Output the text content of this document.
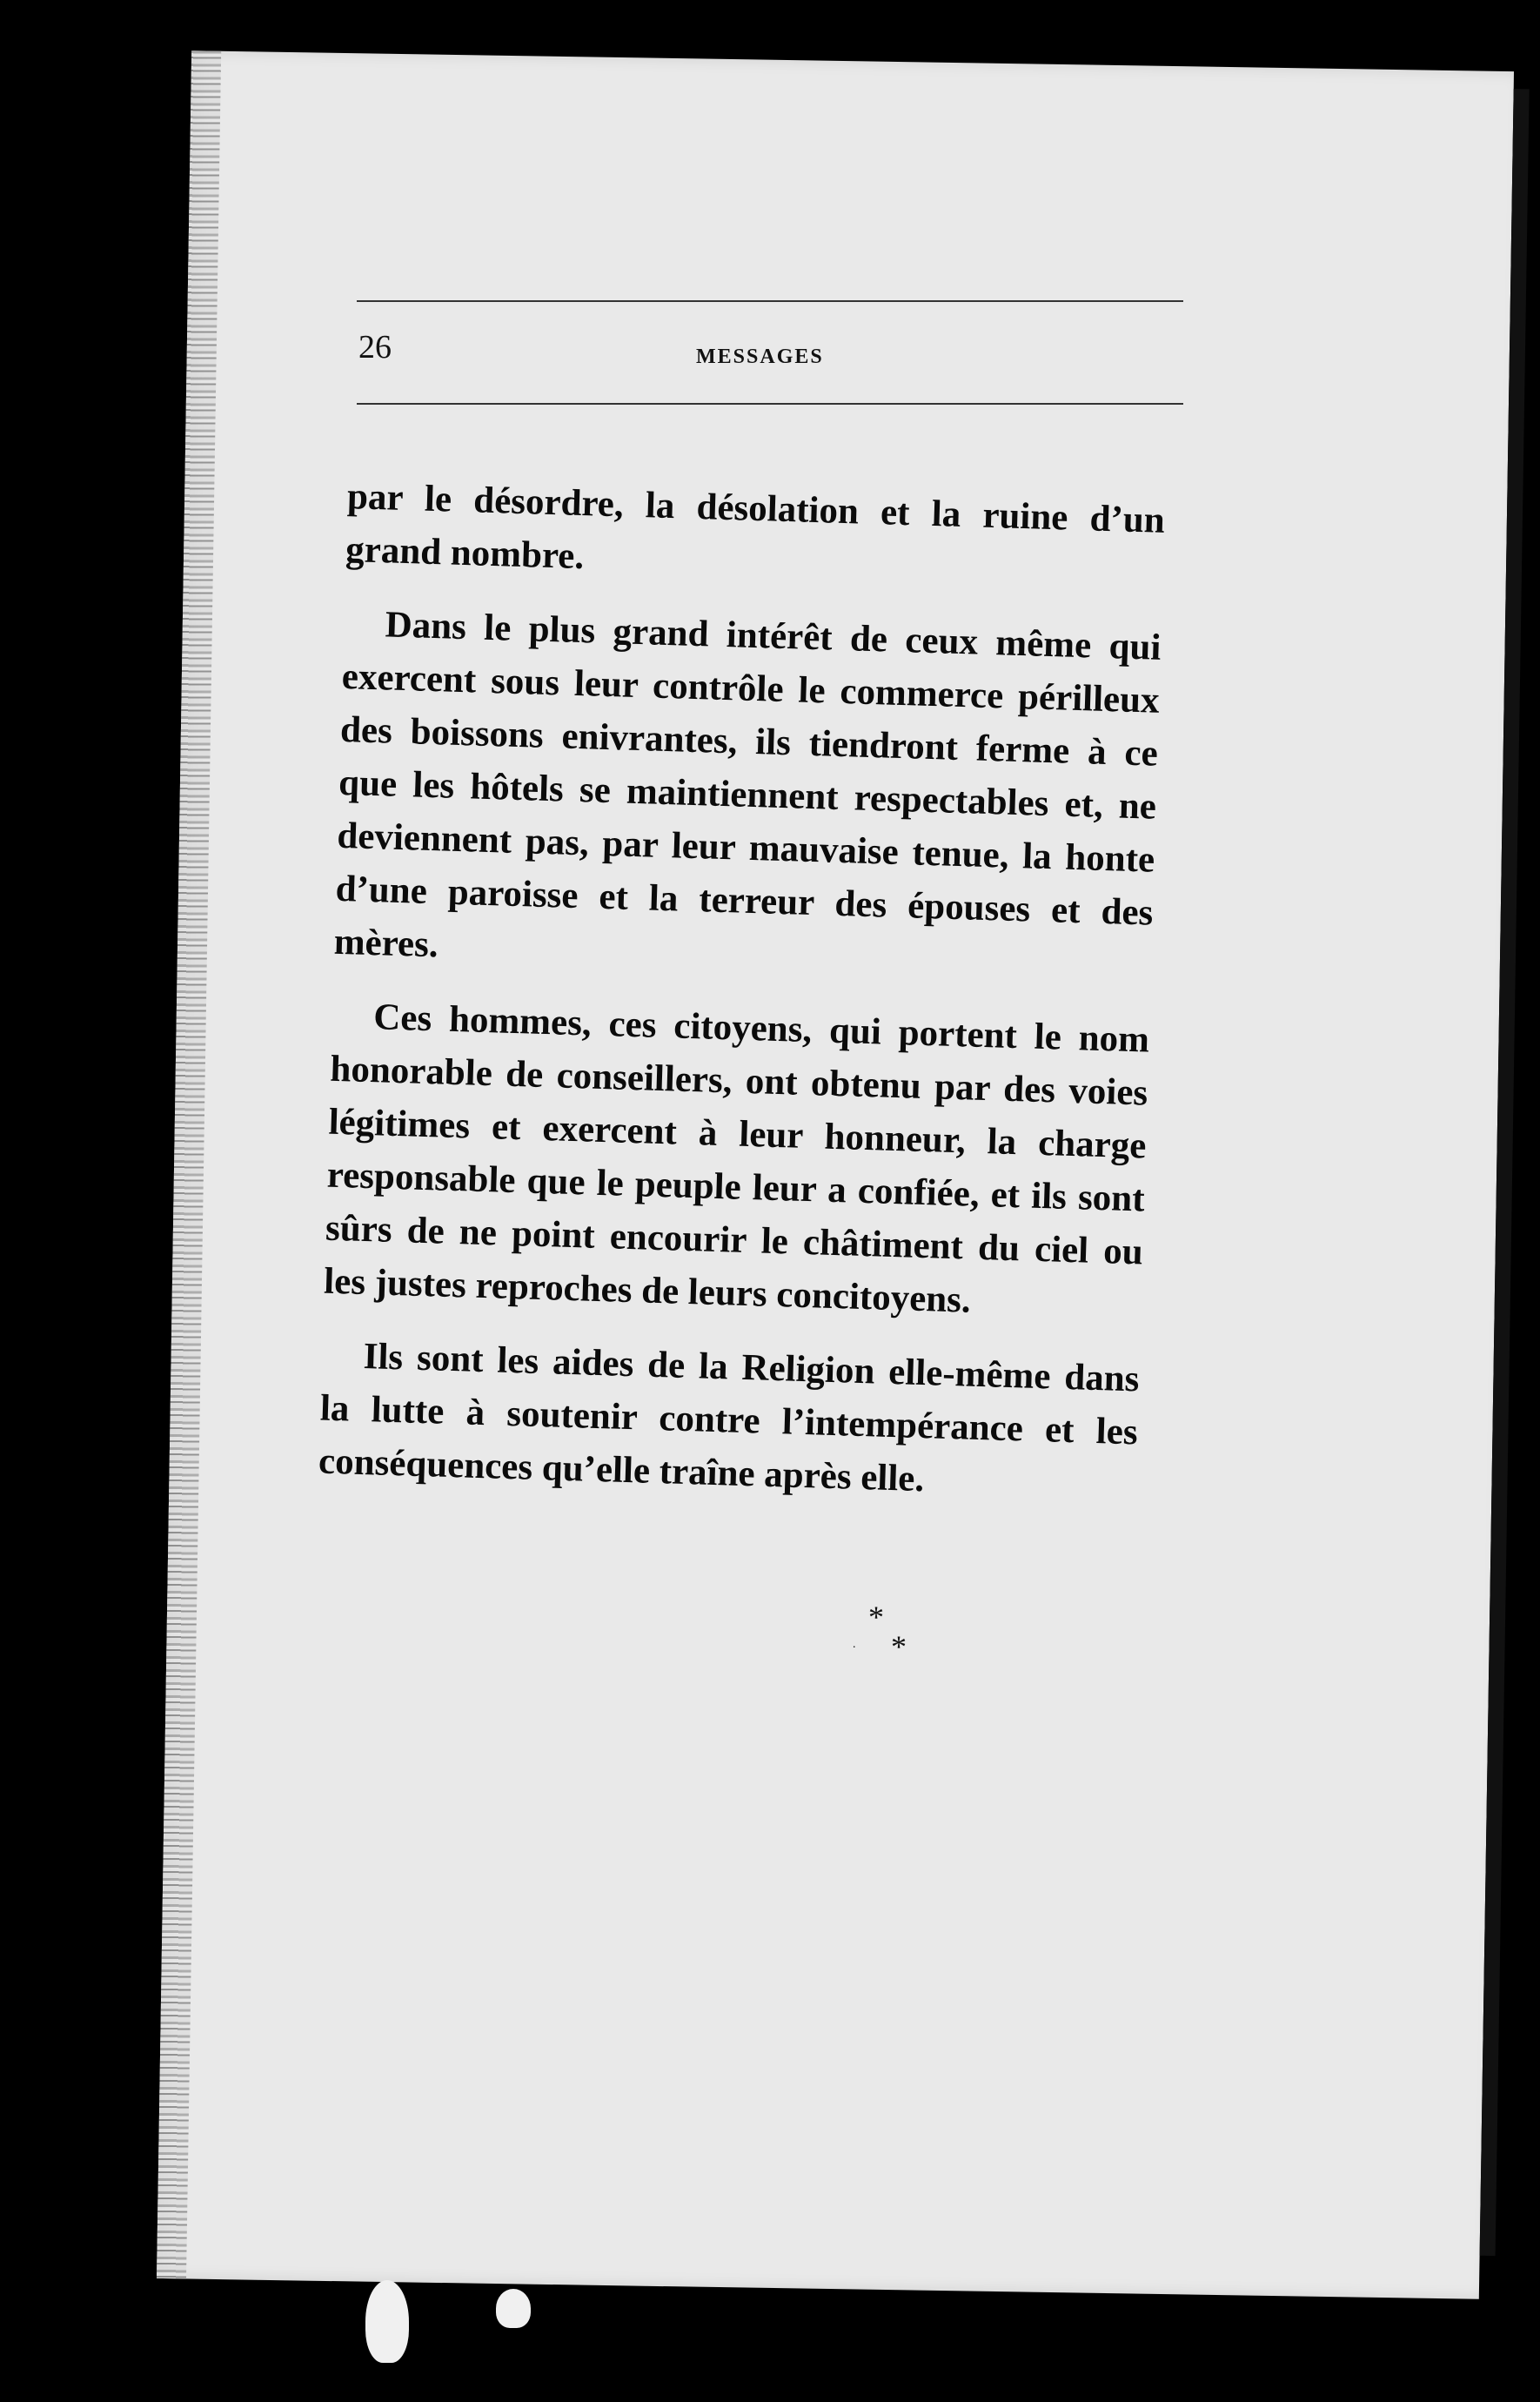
26	MESSAGES

par le désordre, la désolation et la ruine d’un grand nombre.

Dans le plus grand intérêt de ceux même qui exercent sous leur contrôle le commerce périlleux des boissons enivrantes, ils tiendront ferme à ce que les hôtels se maintiennent respectables et, ne deviennent pas, par leur mauvaise tenue, la honte d’une paroisse et la terreur des épouses et des mères.

Ces hommes, ces citoyens, qui portent le nom honorable de conseillers, ont obtenu par des voies légitimes et exercent à leur honneur, la charge responsable que le peuple leur a confiée, et ils sont sûrs de ne point encourir le châtiment du ciel ou les justes reproches de leurs concitoyens.

Ils sont les aides de la Religion elle-même dans la lutte à soutenir contre l’intempérance et les conséquences qu’elle traîne après elle.

*
. *
